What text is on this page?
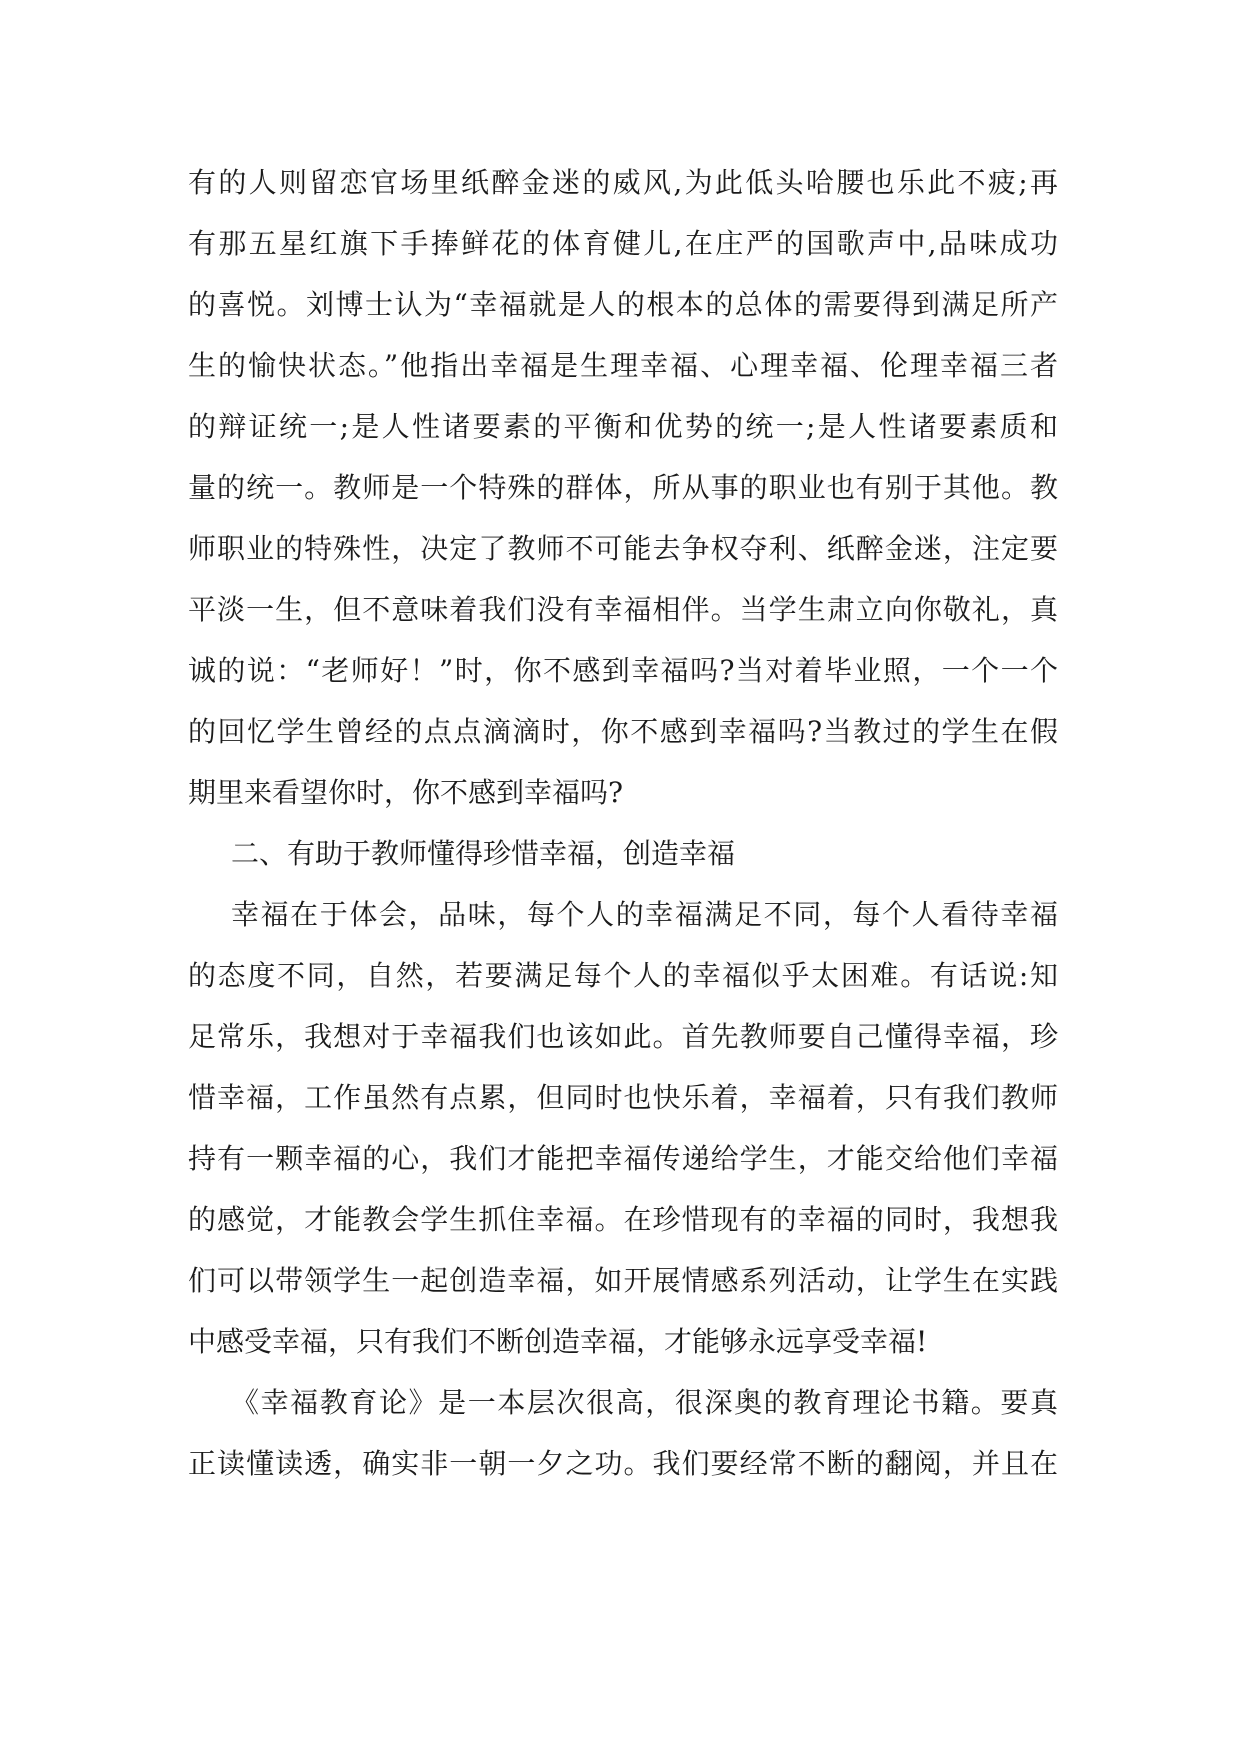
有的人则留恋官场里纸醉金迷的威风,为此低头哈腰也乐此不疲;再
有那五星红旗下手捧鲜花的体育健儿,在庄严的国歌声中,品味成功
的喜悦。刘博士认为“幸福就是人的根本的总体的需要得到满足所产
生的愉快状态。”他指出幸福是生理幸福、心理幸福、伦理幸福三者
的辩证统一;是人性诸要素的平衡和优势的统一;是人性诸要素质和
量的统一。教师是一个特殊的群体，所从事的职业也有别于其他。教
师职业的特殊性，决定了教师不可能去争权夺利、纸醉金迷，注定要
平淡一生，但不意味着我们没有幸福相伴。当学生肃立向你敬礼，真
诚的说：“老师好！”时，你不感到幸福吗?当对着毕业照，一个一个
的回忆学生曾经的点点滴滴时，你不感到幸福吗?当教过的学生在假
期里来看望你时，你不感到幸福吗?
二、有助于教师懂得珍惜幸福，创造幸福
幸福在于体会，品味，每个人的幸福满足不同，每个人看待幸福
的态度不同，自然，若要满足每个人的幸福似乎太困难。有话说:知
足常乐，我想对于幸福我们也该如此。首先教师要自己懂得幸福，珍
惜幸福，工作虽然有点累，但同时也快乐着，幸福着，只有我们教师
持有一颗幸福的心，我们才能把幸福传递给学生，才能交给他们幸福
的感觉，才能教会学生抓住幸福。在珍惜现有的幸福的同时，我想我
们可以带领学生一起创造幸福，如开展情感系列活动，让学生在实践
中感受幸福，只有我们不断创造幸福，才能够永远享受幸福!
《幸福教育论》是一本层次很高，很深奥的教育理论书籍。要真
正读懂读透，确实非一朝一夕之功。我们要经常不断的翻阅，并且在
